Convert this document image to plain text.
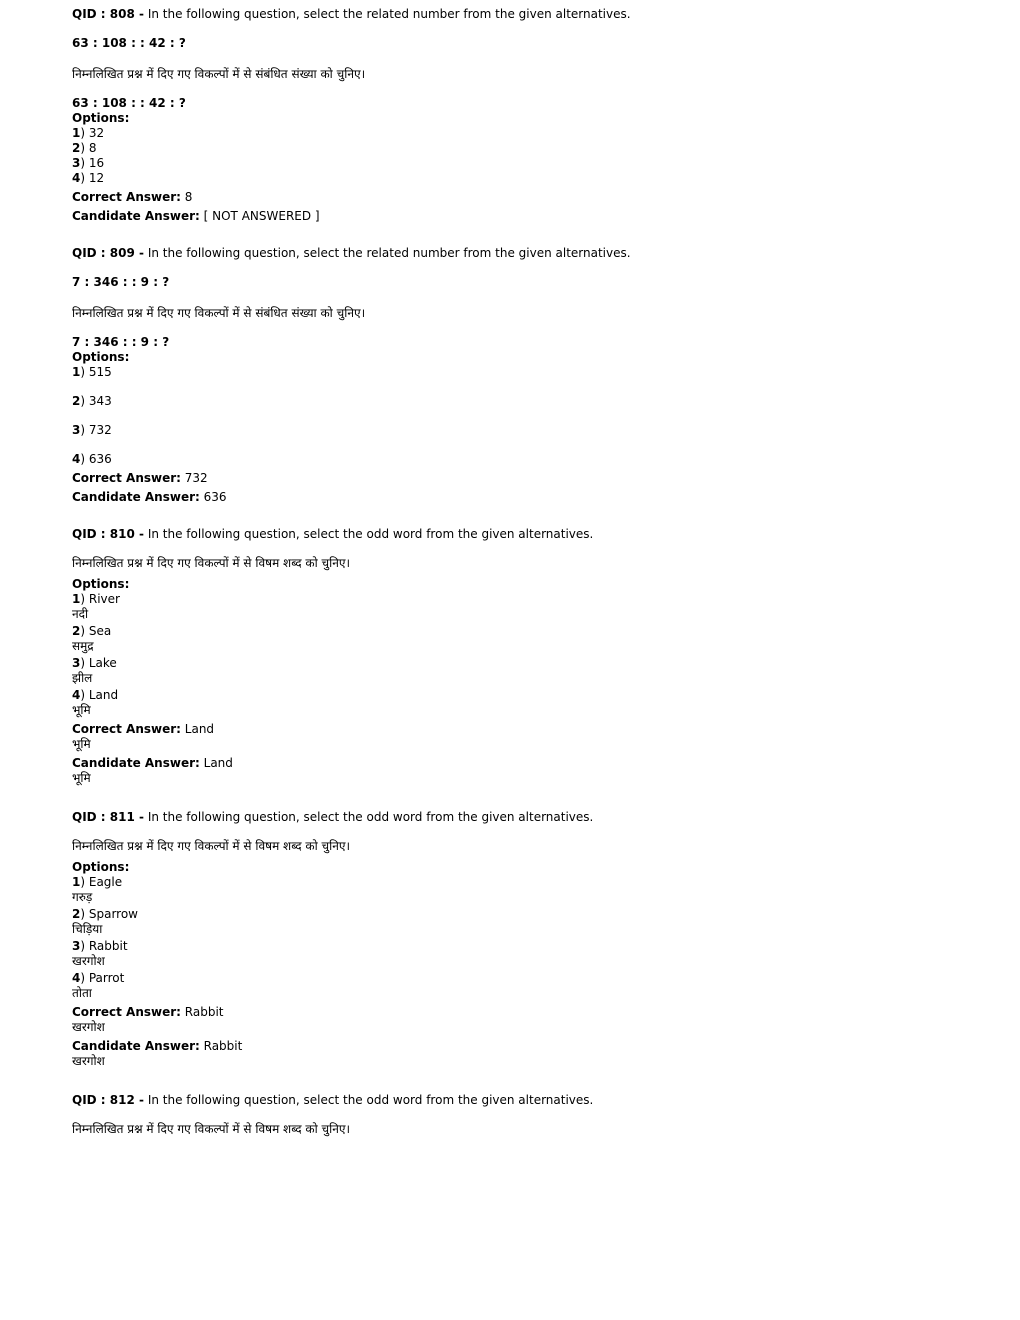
QID : 808 - In the following question, select the related number from the given alternatives.

63 : 108 : : 42 : ?

निम्नलिखित प्रश्न में दिए गए विकल्पों में से संबंधित संख्या को चुनिए।

63 : 108 : : 42 : ?

Options:

1) 32

2) 8

3) 16

4) 12

Correct Answer: 8

Candidate Answer: [ NOT ANSWERED ]

QID : 809 - In the following question, select the related number from the given alternatives.

7 : 346 : : 9 : ?

निम्नलिखित प्रश्न में दिए गए विकल्पों में से संबंधित संख्या को चुनिए।

7 : 346 : : 9 : ?

Options:

1) 515

2) 343

3) 732

4) 636

Correct Answer: 732

Candidate Answer: 636

QID : 810 - In the following question, select the odd word from the given alternatives.

निम्नलिखित प्रश्न में दिए गए विकल्पों में से विषम शब्द को चुनिए।

Options:

1) River

नदी

2) Sea

समुद्र

3) Lake

झील

4) Land

भूमि

Correct Answer: Land

भूमि

Candidate Answer: Land

भूमि

QID : 811 - In the following question, select the odd word from the given alternatives.

निम्नलिखित प्रश्न में दिए गए विकल्पों में से विषम शब्द को चुनिए।

Options:

1) Eagle

गरुड़

2) Sparrow

चिड़िया

3) Rabbit

खरगोश

4) Parrot

तोता

Correct Answer: Rabbit

खरगोश

Candidate Answer: Rabbit

खरगोश

QID : 812 - In the following question, select the odd word from the given alternatives.

निम्नलिखित प्रश्न में दिए गए विकल्पों में से विषम शब्द को चुनिए।
